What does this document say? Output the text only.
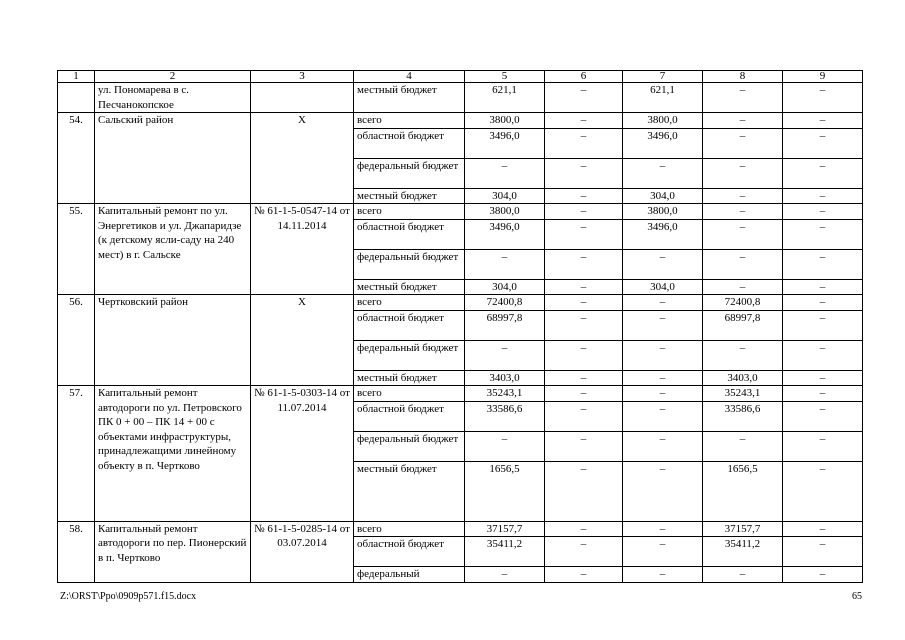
1	2	3	4	5	6	7	8	9
	ул. Пономарева в с. Песчанокопское		местный бюджет	621,1	–	621,1	–	–
54.	Сальский район	Х	всего	3800,0	–	3800,0	–	–
			областной бюджет	3496,0	–	3496,0	–	–
			федеральный бюджет	–	–	–	–	–
			местный бюджет	304,0	–	304,0	–	–
55.	Капитальный ремонт по ул. Энергетиков и ул. Джапаридзе (к детскому ясли-саду на 240 мест) в г. Сальске	№ 61-1-5-0547-14 от 14.11.2014	всего	3800,0	–	3800,0	–	–
			областной бюджет	3496,0	–	3496,0	–	–
			федеральный бюджет	–	–	–	–	–
			местный бюджет	304,0	–	304,0	–	–
56.	Чертковский район	Х	всего	72400,8	–	–	72400,8	–
			областной бюджет	68997,8	–	–	68997,8	–
			федеральный бюджет	–	–	–	–	–
			местный бюджет	3403,0	–	–	3403,0	–
57.	Капитальный ремонт автодороги по ул. Петровского ПК 0 + 00 – ПК 14 + 00 с объектами инфраструктуры, принадлежащими линейному объекту в п. Чертково	№ 61-1-5-0303-14 от 11.07.2014	всего	35243,1	–	–	35243,1	–
			областной бюджет	33586,6	–	–	33586,6	–
			федеральный бюджет	–	–	–	–	–
			местный бюджет	1656,5	–	–	1656,5	–
58.	Капитальный ремонт автодороги по пер. Пионерский в п. Чертково	№ 61-1-5-0285-14 от 03.07.2014	всего	37157,7	–	–	37157,7	–
			областной бюджет	35411,2	–	–	35411,2	–
			федеральный	–	–	–	–	–
Z:\ORST\Ppo\0909p571.f15.docx	65
